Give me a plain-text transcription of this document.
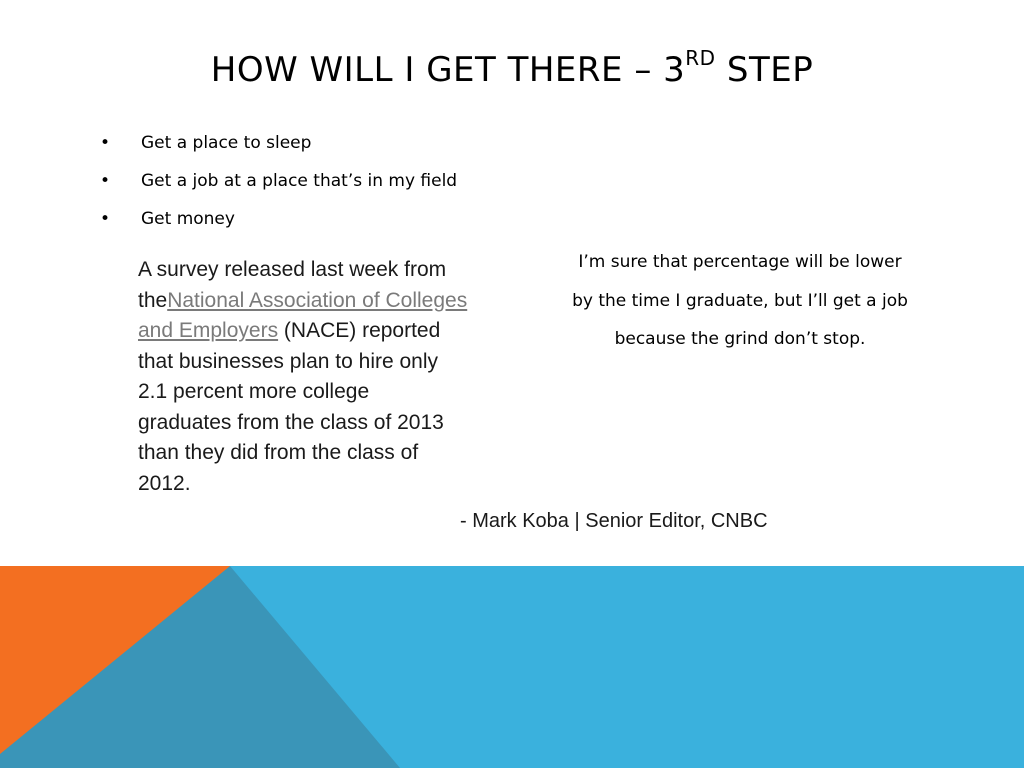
HOW WILL I GET THERE – 3RD STEP
•	Get a place to sleep
•	Get a job at a place that’s in my field
•	Get money
A survey released last week from theNational Association of Colleges and Employers (NACE) reported that businesses plan to hire only 2.1 percent more college graduates from the class of 2013 than they did from the class of 2012.
I’m sure that percentage will be lower
by the time I graduate, but I’ll get a job
because the grind don’t stop.
- Mark Koba | Senior Editor, CNBC
